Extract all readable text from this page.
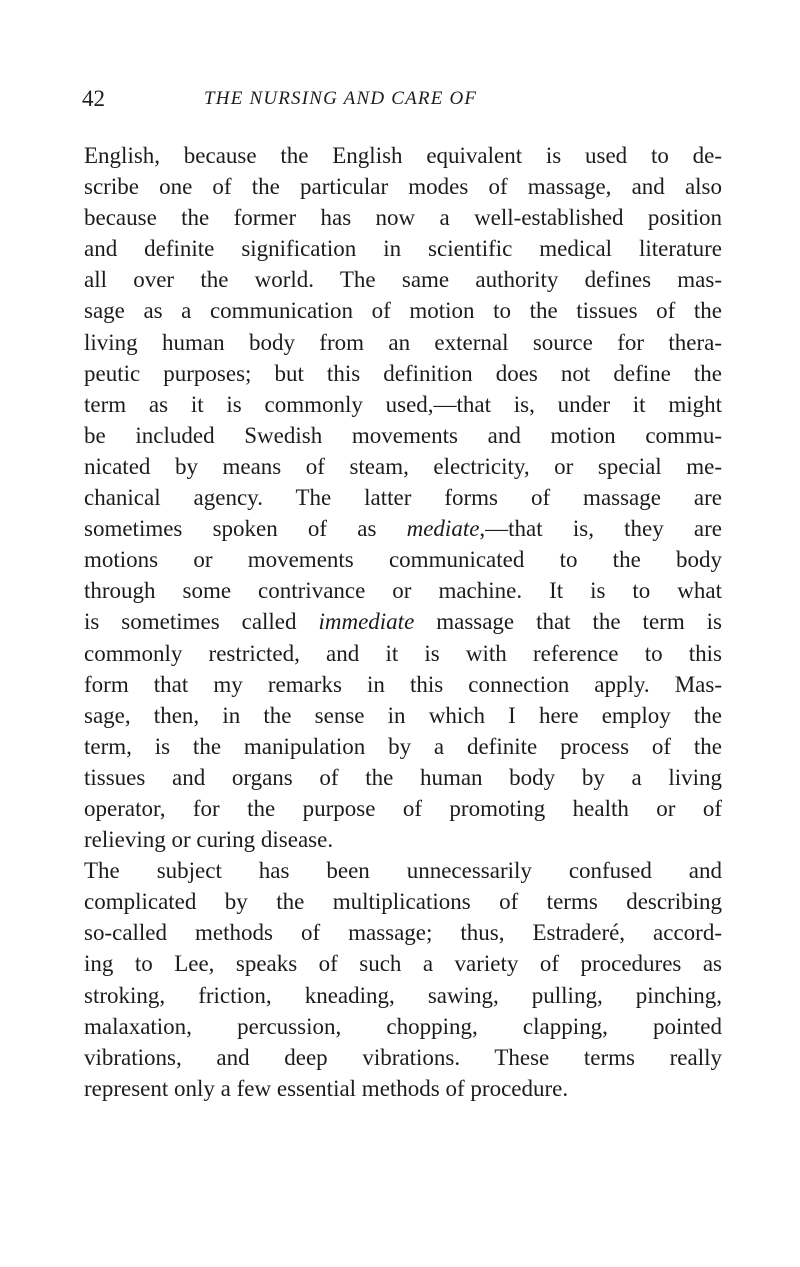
42	THE NURSING AND CARE OF
English, because the English equivalent is used to de-
scribe one of the particular modes of massage, and also
because the former has now a well-established position
and definite signification in scientific medical literature
all over the world. The same authority defines mas-
sage as a communication of motion to the tissues of the
living human body from an external source for thera-
peutic purposes; but this definition does not define the
term as it is commonly used,—that is, under it might
be included Swedish movements and motion commu-
nicated by means of steam, electricity, or special me-
chanical agency. The latter forms of massage are
sometimes spoken of as mediate,—that is, they are
motions or movements communicated to the body
through some contrivance or machine. It is to what
is sometimes called immediate massage that the term is
commonly restricted, and it is with reference to this
form that my remarks in this connection apply. Mas-
sage, then, in the sense in which I here employ the
term, is the manipulation by a definite process of the
tissues and organs of the human body by a living
operator, for the purpose of promoting health or of
relieving or curing disease.
The subject has been unnecessarily confused and
complicated by the multiplications of terms describing
so-called methods of massage; thus, Estraderé, accord-
ing to Lee, speaks of such a variety of procedures as
stroking, friction, kneading, sawing, pulling, pinching,
malaxation, percussion, chopping, clapping, pointed
vibrations, and deep vibrations. These terms really
represent only a few essential methods of procedure.
